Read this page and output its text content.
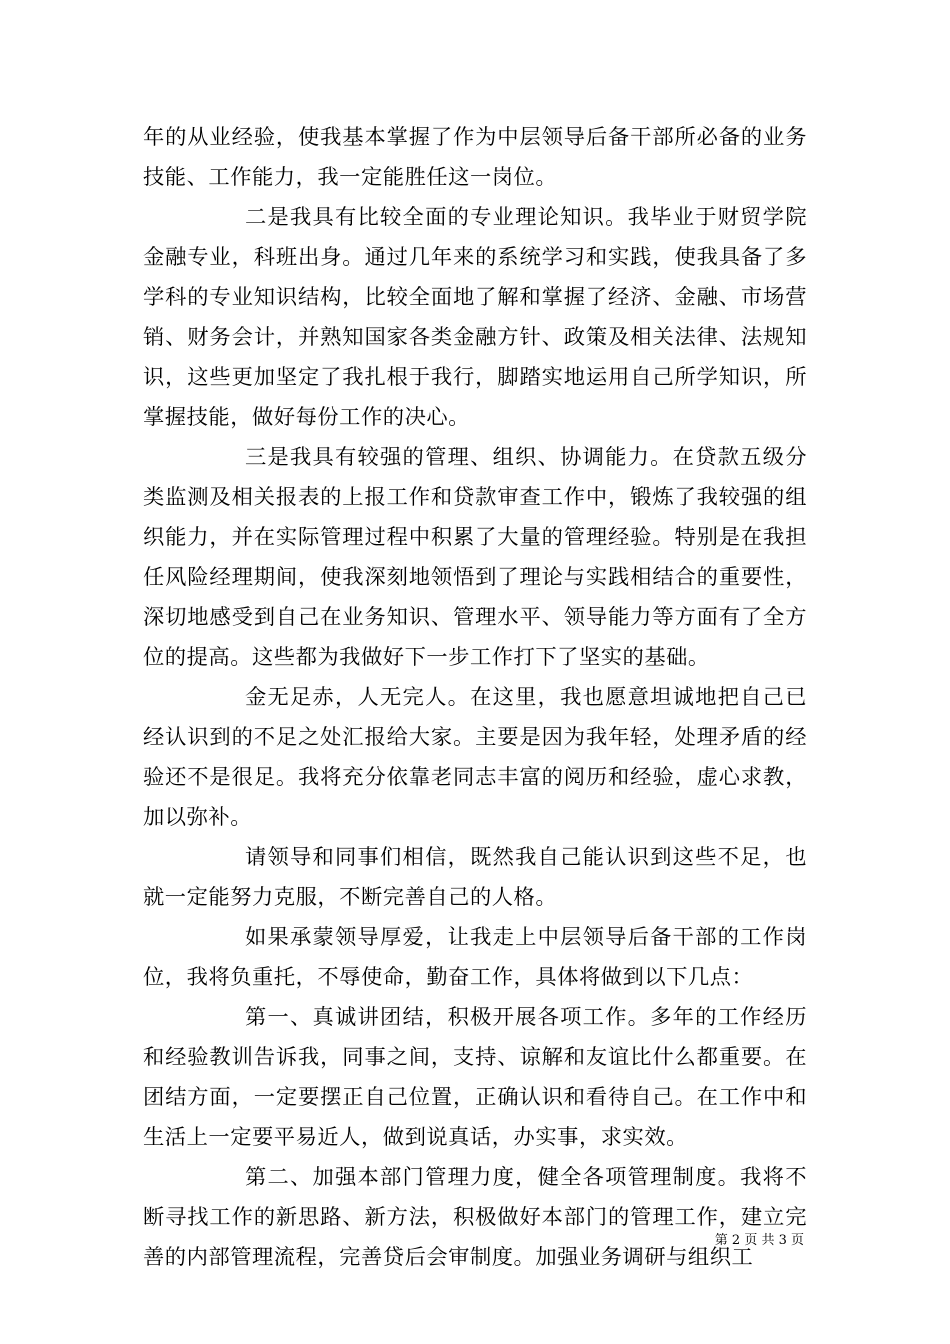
年的从业经验，使我基本掌握了作为中层领导后备干部所必备的业务技能、工作能力，我一定能胜任这一岗位。

二是我具有比较全面的专业理论知识。我毕业于财贸学院金融专业，科班出身。通过几年来的系统学习和实践，使我具备了多学科的专业知识结构，比较全面地了解和掌握了经济、金融、市场营销、财务会计，并熟知国家各类金融方针、政策及相关法律、法规知识，这些更加坚定了我扎根于我行，脚踏实地运用自己所学知识，所掌握技能，做好每份工作的决心。

三是我具有较强的管理、组织、协调能力。在贷款五级分类监测及相关报表的上报工作和贷款审查工作中，锻炼了我较强的组织能力，并在实际管理过程中积累了大量的管理经验。特别是在我担任风险经理期间，使我深刻地领悟到了理论与实践相结合的重要性，深切地感受到自己在业务知识、管理水平、领导能力等方面有了全方位的提高。这些都为我做好下一步工作打下了坚实的基础。

金无足赤，人无完人。在这里，我也愿意坦诚地把自己已经认识到的不足之处汇报给大家。主要是因为我年轻，处理矛盾的经验还不是很足。我将充分依靠老同志丰富的阅历和经验，虚心求教，加以弥补。

请领导和同事们相信，既然我自己能认识到这些不足，也就一定能努力克服，不断完善自己的人格。

如果承蒙领导厚爱，让我走上中层领导后备干部的工作岗位，我将负重托，不辱使命，勤奋工作，具体将做到以下几点：

第一、真诚讲团结，积极开展各项工作。多年的工作经历和经验教训告诉我，同事之间，支持、谅解和友谊比什么都重要。在团结方面，一定要摆正自己位置，正确认识和看待自己。在工作中和生活上一定要平易近人，做到说真话，办实事，求实效。

第二、加强本部门管理力度，健全各项管理制度。我将不断寻找工作的新思路、新方法，积极做好本部门的管理工作，建立完善的内部管理流程，完善贷后会审制度。加强业务调研与组织工

第 2 页 共 3 页
